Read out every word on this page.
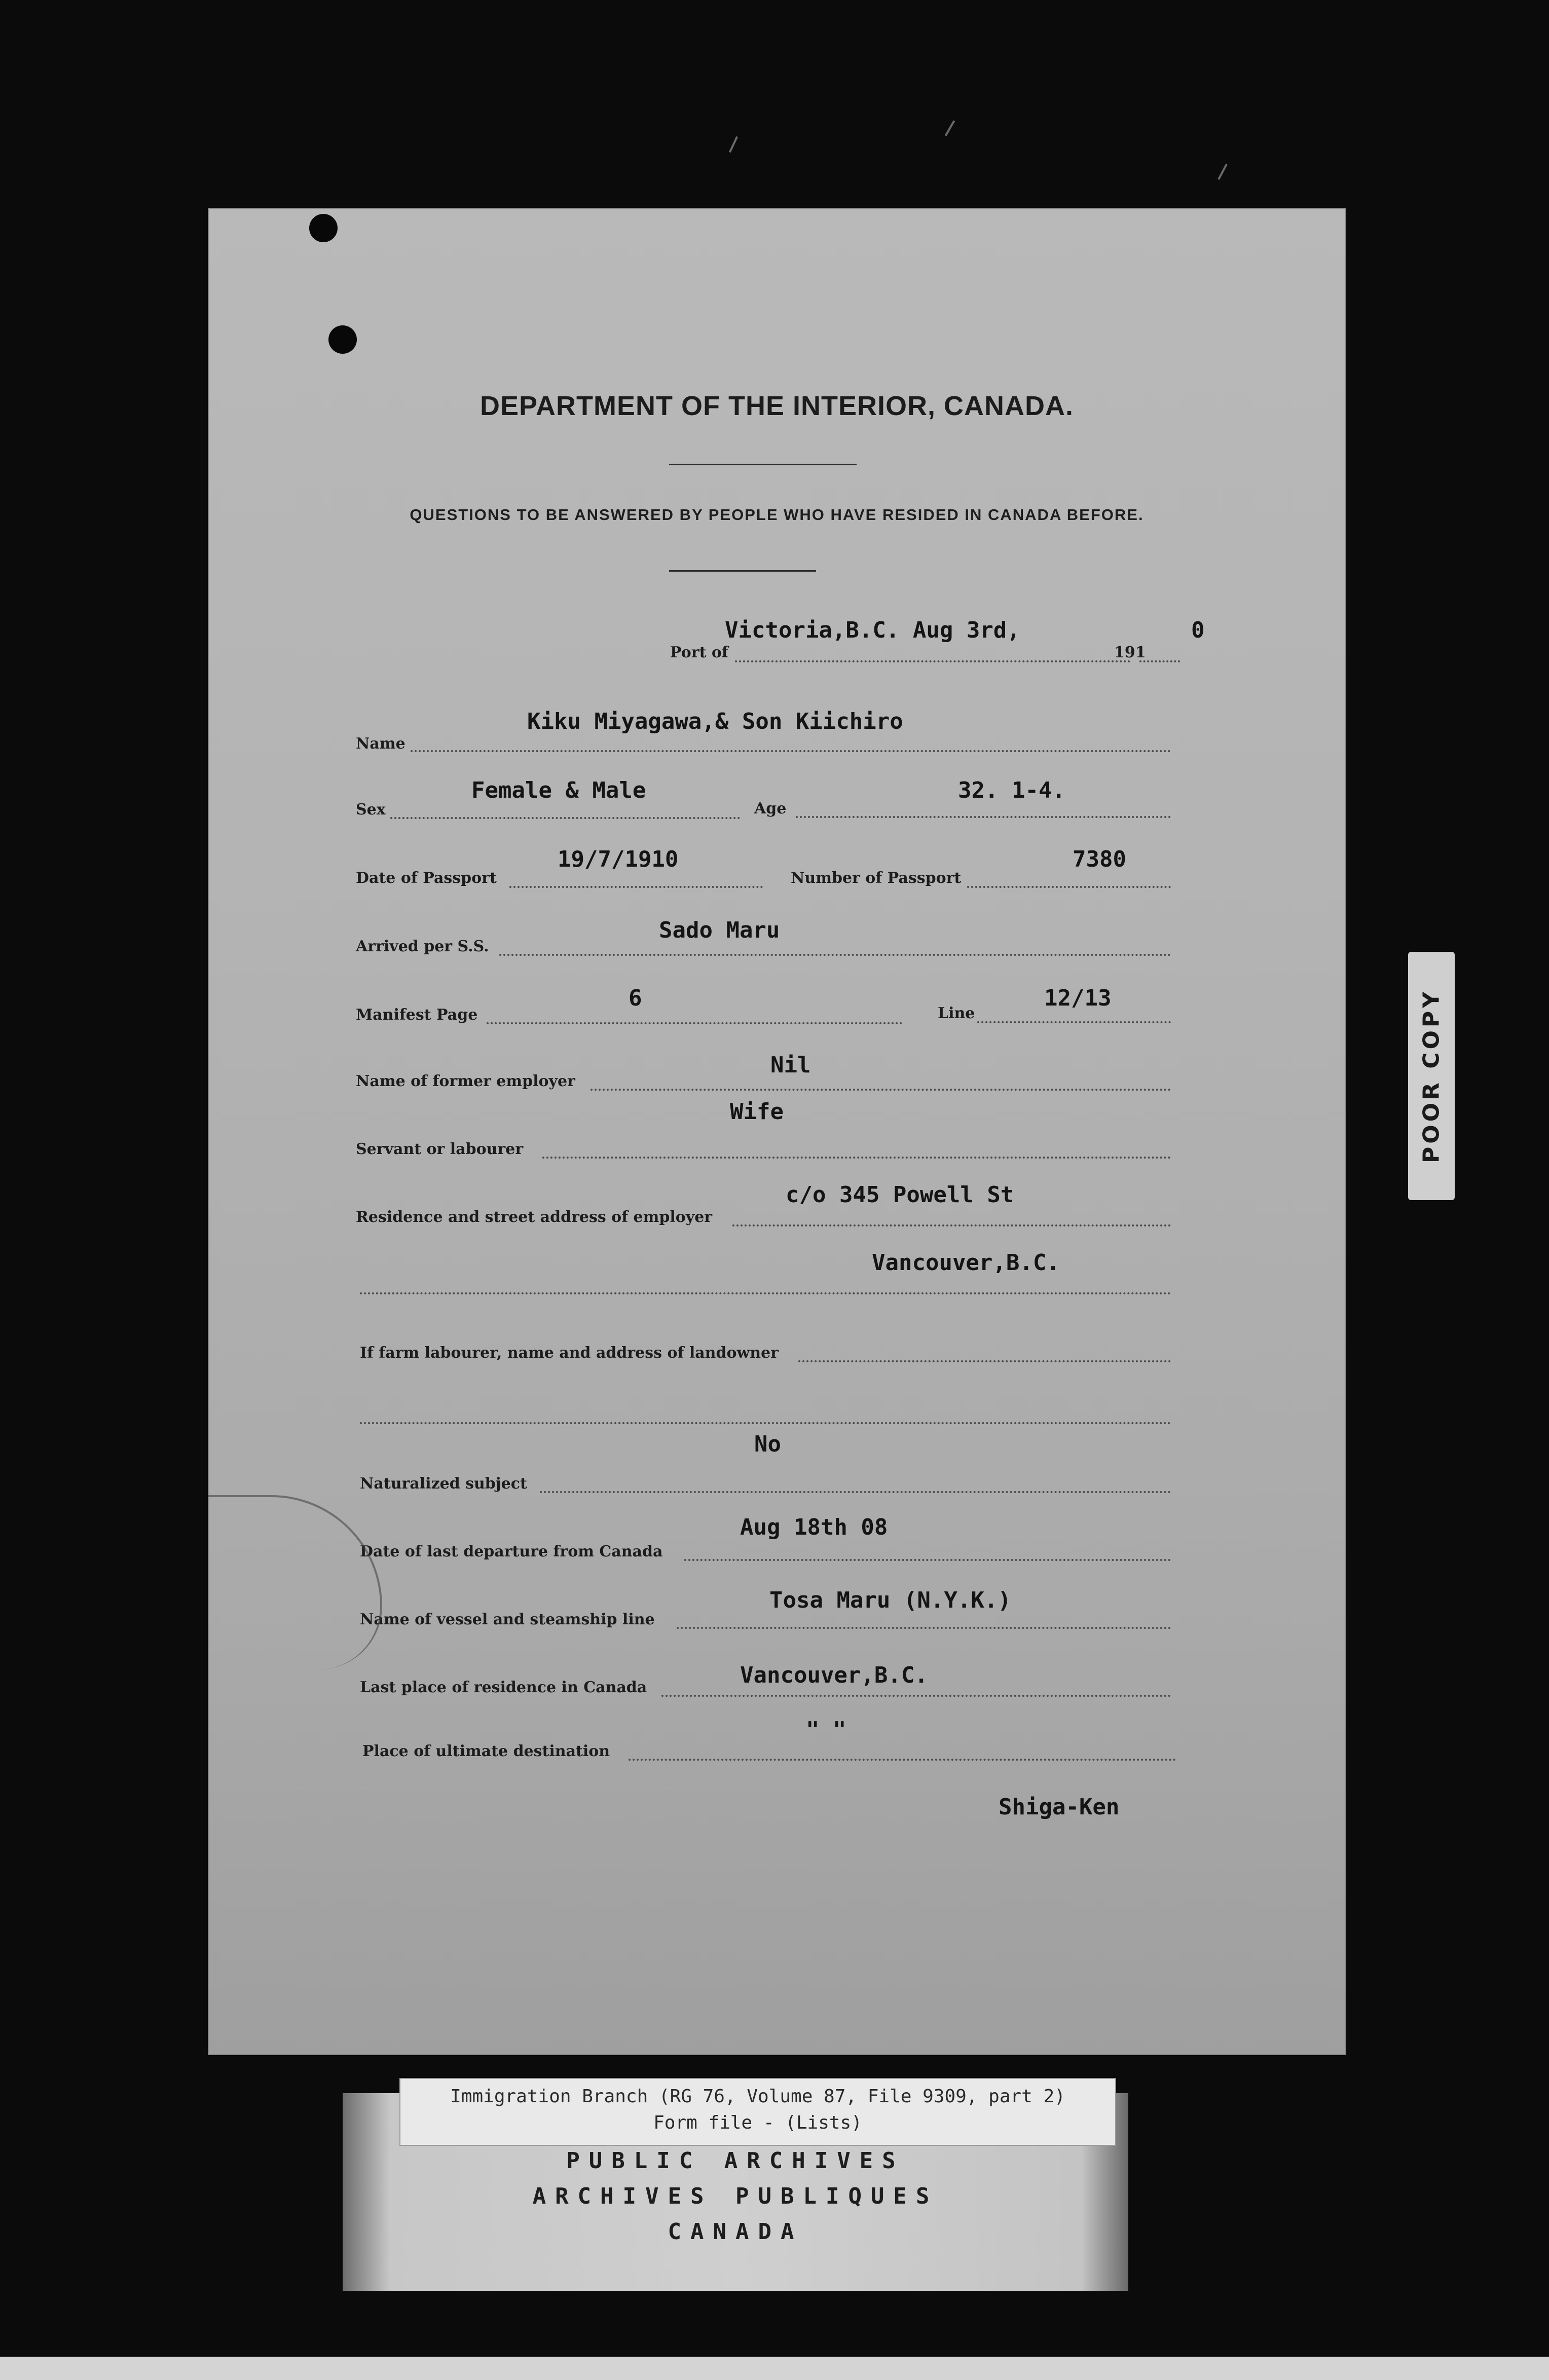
DEPARTMENT OF THE INTERIOR, CANADA.
QUESTIONS TO BE ANSWERED BY PEOPLE WHO HAVE RESIDED IN CANADA BEFORE.
Victoria,B.C. Aug 3rd,	0
Port of	191
Kiku Miyagawa,& Son Kiichiro
Name
Female & Male
Sex
32. 1-4.
Age
19/7/1910
Date of Passport
7380
Number of Passport
Sado Maru
Arrived per S.S.
6
Manifest Page
12/13
Line
Nil
Name of former employer
Wife
Servant or labourer
c/o 345 Powell St
Residence and street address of employer
Vancouver,B.C.
If farm labourer, name and address of landowner
No
Naturalized subject
Aug 18th 08
Date of last departure from Canada
Tosa Maru (N.Y.K.)
Name of vessel and steamship line
Vancouver,B.C.
Last place of residence in Canada
" "
Place of ultimate destination
Shiga-Ken
POOR COPY
PUBLIC ARCHIVES
ARCHIVES PUBLIQUES
CANADA
Immigration Branch (RG 76, Volume 87, File 9309, part 2)
Form file - (Lists)
